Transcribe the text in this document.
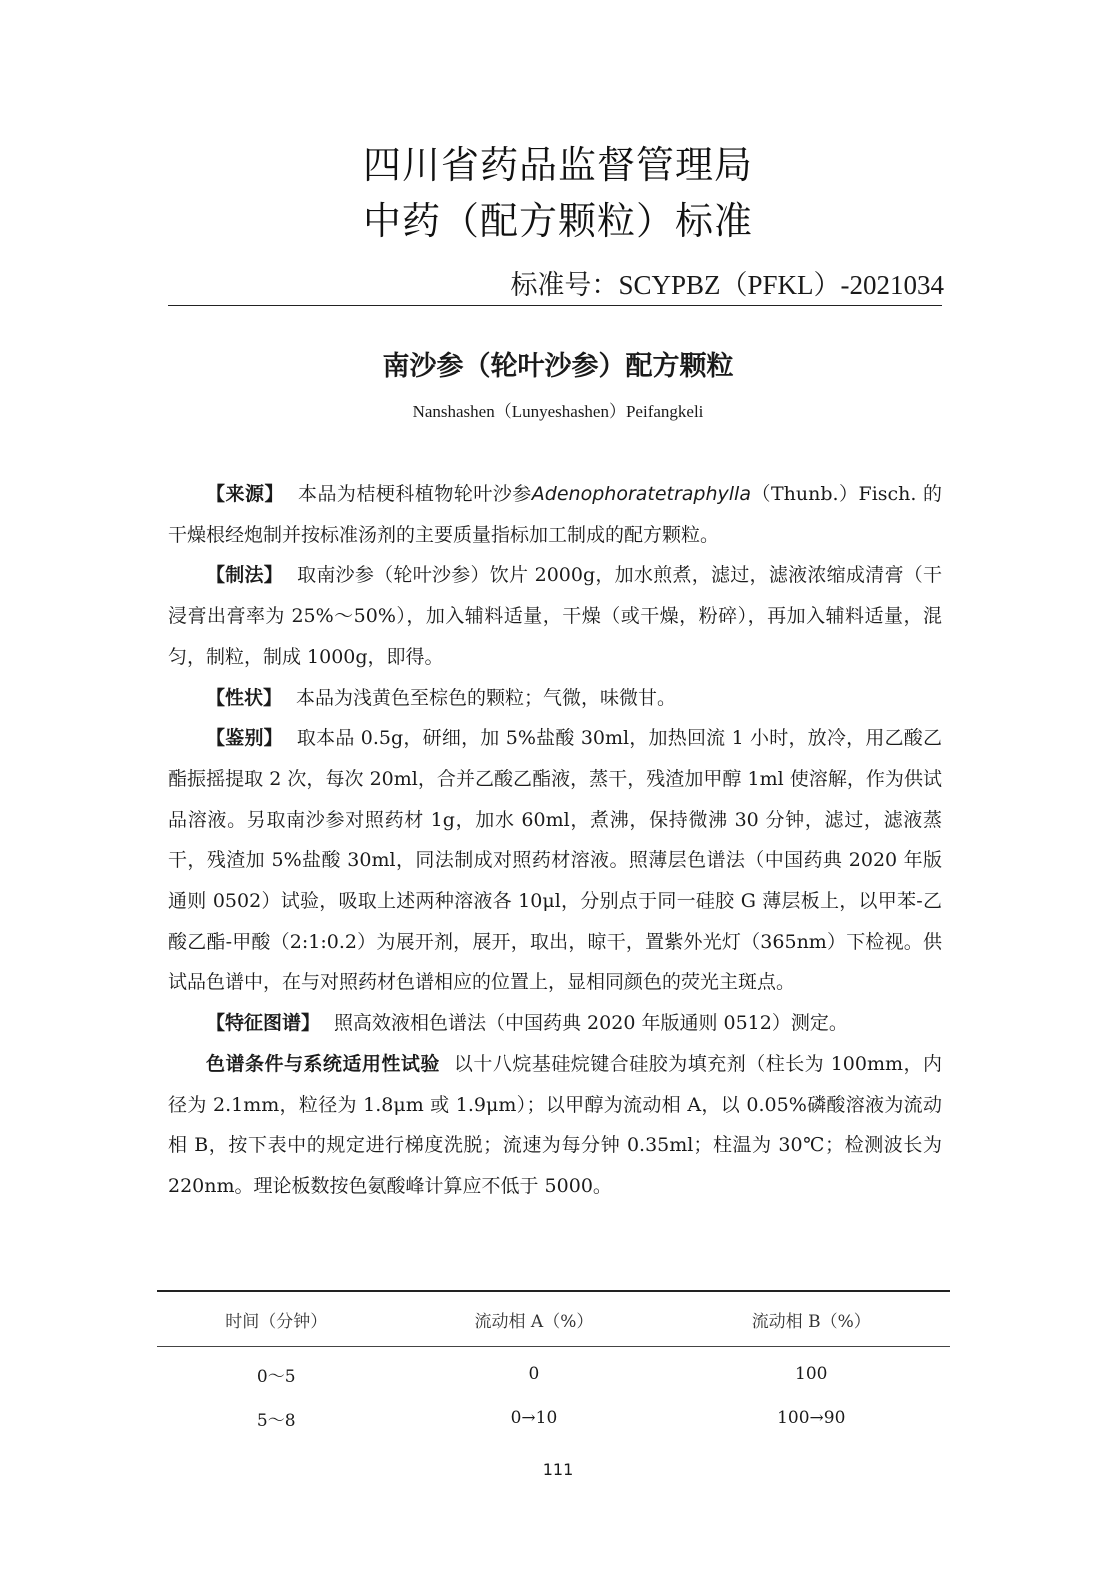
四川省药品监督管理局
中药（配方颗粒）标准
标准号：SCYPBZ（PFKL）-2021034
南沙参（轮叶沙参）配方颗粒
Nanshashen（Lunyeshashen）Peifangkeli

【来源】 本品为桔梗科植物轮叶沙参Adenophoratetraphylla（Thunb.）Fisch. 的干燥根经炮制并按标准汤剂的主要质量指标加工制成的配方颗粒。

【制法】 取南沙参（轮叶沙参）饮片 2000g，加水煎煮，滤过，滤液浓缩成清膏（干浸膏出膏率为 25%～50%），加入辅料适量，干燥（或干燥，粉碎），再加入辅料适量，混匀，制粒，制成 1000g，即得。

【性状】 本品为浅黄色至棕色的颗粒；气微，味微甘。

【鉴别】 取本品 0.5g，研细，加 5%盐酸 30ml，加热回流 1 小时，放冷，用乙酸乙酯振摇提取 2 次，每次 20ml，合并乙酸乙酯液，蒸干，残渣加甲醇 1ml 使溶解，作为供试品溶液。另取南沙参对照药材 1g，加水 60ml，煮沸，保持微沸 30 分钟，滤过，滤液蒸干，残渣加 5%盐酸 30ml，同法制成对照药材溶液。照薄层色谱法（中国药典 2020 年版通则 0502）试验，吸取上述两种溶液各 10μl，分别点于同一硅胶 G 薄层板上，以甲苯-乙酸乙酯-甲酸（2:1:0.2）为展开剂，展开，取出，晾干，置紫外光灯（365nm）下检视。供试品色谱中，在与对照药材色谱相应的位置上，显相同颜色的荧光主斑点。

【特征图谱】 照高效液相色谱法（中国药典 2020 年版通则 0512）测定。

色谱条件与系统适用性试验 以十八烷基硅烷键合硅胶为填充剂（柱长为 100mm，内径为 2.1mm，粒径为 1.8μm 或 1.9μm）；以甲醇为流动相 A，以 0.05%磷酸溶液为流动相 B，按下表中的规定进行梯度洗脱；流速为每分钟 0.35ml；柱温为 30℃；检测波长为 220nm。理论板数按色氨酸峰计算应不低于 5000。

时间（分钟）	流动相 A（%）	流动相 B（%）
0～5	0	100
5～8	0→10	100→90
111
